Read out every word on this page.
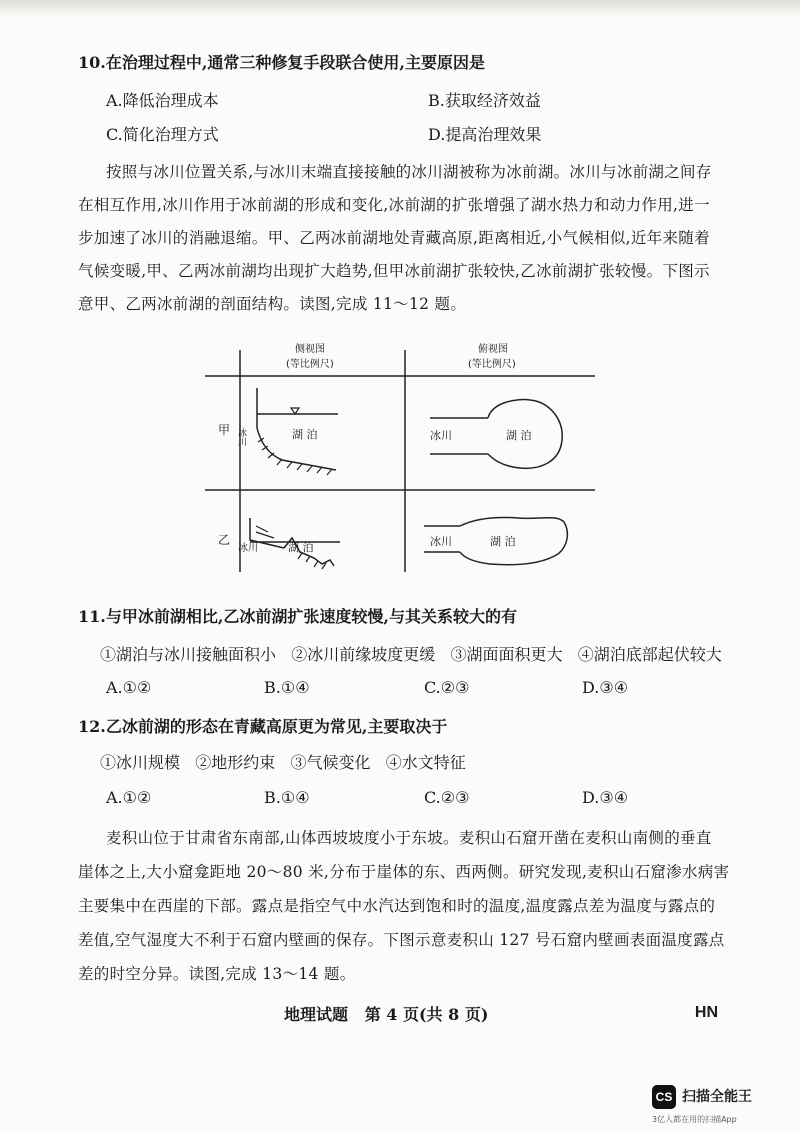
10.在治理过程中,通常三种修复手段联合使用,主要原因是
A.降低治理成本	B.获取经济效益
C.简化治理方式	D.提高治理效果
按照与冰川位置关系,与冰川末端直接接触的冰川湖被称为冰前湖。冰川与冰前湖之间存
在相互作用,冰川作用于冰前湖的形成和变化,冰前湖的扩张增强了湖水热力和动力作用,进一
步加速了冰川的消融退缩。甲、乙两冰前湖地处青藏高原,距离相近,小气候相似,近年来随着
气候变暖,甲、乙两冰前湖均出现扩大趋势,但甲冰前湖扩张较快,乙冰前湖扩张较慢。下图示
意甲、乙两冰前湖的剖面结构。读图,完成 11～12 题。
侧视图
(等比例尺)
俯视图
(等比例尺)
甲
乙
冰川	湖 泊	冰川	湖 泊
冰川	湖 泊	冰川	湖 泊
11.与甲冰前湖相比,乙冰前湖扩张速度较慢,与其关系较大的有
①湖泊与冰川接触面积小   ②冰川前缘坡度更缓   ③湖面面积更大   ④湖泊底部起伏较大
A.①②	B.①④	C.②③	D.③④
12.乙冰前湖的形态在青藏高原更为常见,主要取决于
①冰川规模   ②地形约束   ③气候变化   ④水文特征
A.①②	B.①④	C.②③	D.③④
麦积山位于甘肃省东南部,山体西坡坡度小于东坡。麦积山石窟开凿在麦积山南侧的垂直
崖体之上,大小窟龛距地 20～80 米,分布于崖体的东、西两侧。研究发现,麦积山石窟渗水病害
主要集中在西崖的下部。露点是指空气中水汽达到饱和时的温度,温度露点差为温度与露点的
差值,空气湿度大不利于石窟内壁画的保存。下图示意麦积山 127 号石窟内壁画表面温度露点
差的时空分异。读图,完成 13～14 题。
地理试题   第 4 页(共 8 页)	HN
CS 扫描全能王
3亿人都在用的扫描App
